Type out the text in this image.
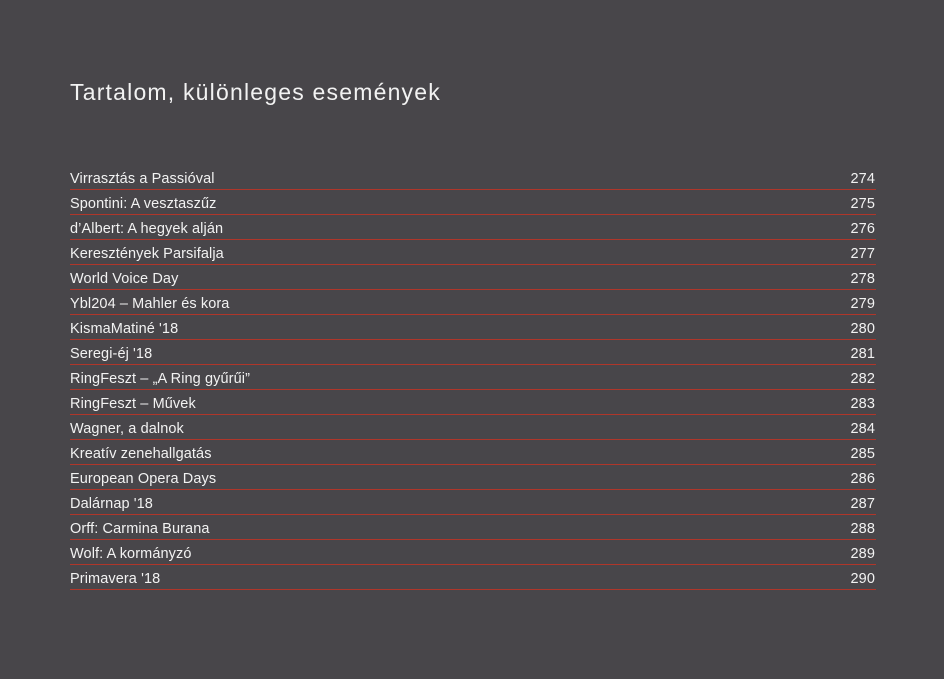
Tartalom, különleges események
Virrasztás a Passióval	274
Spontini: A vesztaszűz	275
d’Albert: A hegyek alján	276
Keresztények Parsifalja	277
World Voice Day	278
Ybl204 – Mahler és kora	279
KismaMatiné '18	280
Seregi-éj '18	281
RingFeszt – „A Ring gyűrűi”	282
RingFeszt – Művek	283
Wagner, a dalnok	284
Kreatív zenehallgatás	285
European Opera Days	286
Dalárnap '18	287
Orff: Carmina Burana	288
Wolf: A kormányzó	289
Primavera '18	290
